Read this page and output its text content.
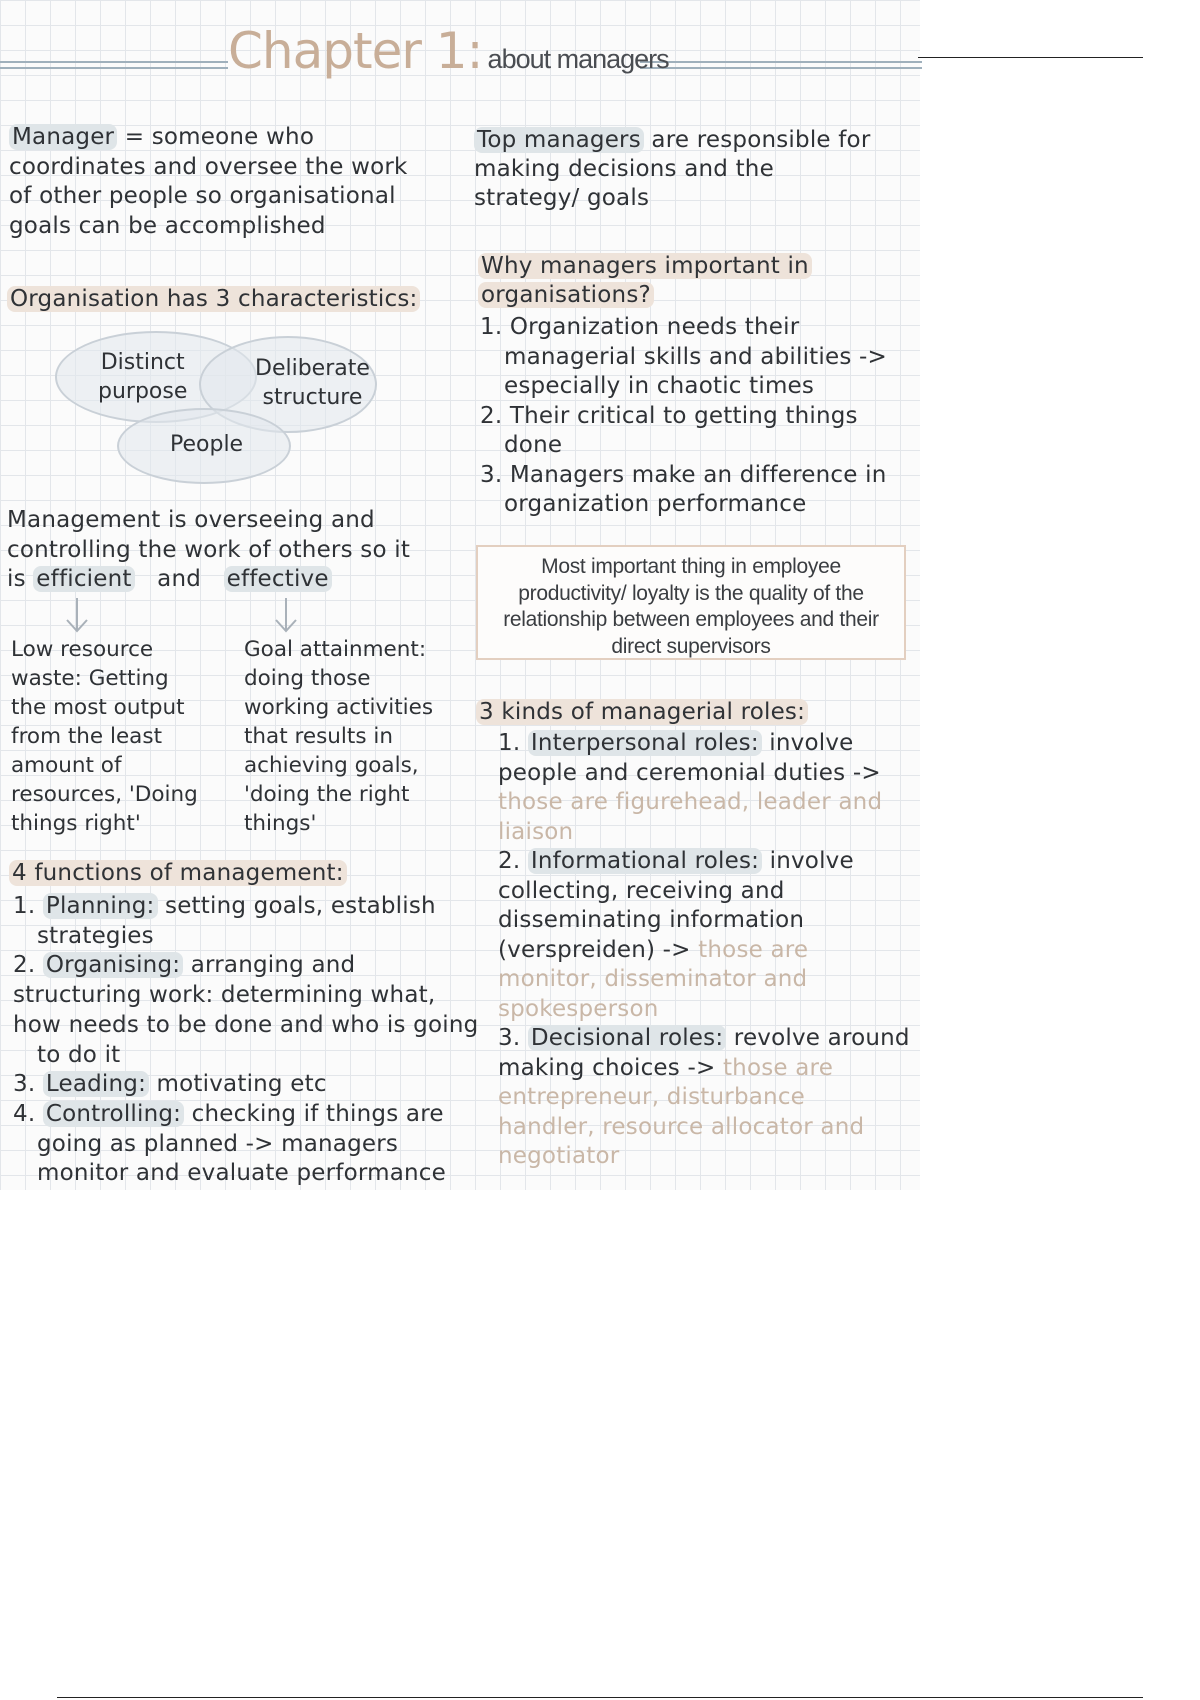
Chapter 1: about managers
Manager = someone who
coordinates and oversee the work
of other people so organisational
goals can be accomplished
Organisation has 3 characteristics:
Distinct
purpose
Deliberate
structure
People
Management is overseeing and
controlling the work of others so it
is efficient and effective
Low resource
waste: Getting
the most output
from the least
amount of
resources, 'Doing
things right'
Goal attainment:
doing those
working activities
that results in
achieving goals,
'doing the right
things'
4 functions of management:
1. Planning: setting goals, establish
strategies
2. Organising: arranging and
structuring work: determining what,
how needs to be done and who is going
to do it
3. Leading: motivating etc
4. Controlling: checking if things are
going as planned -> managers
monitor and evaluate performance
Top managers are responsible for
making decisions and the
strategy/ goals
Why managers important in
organisations?
1. Organization needs their
managerial skills and abilities ->
especially in chaotic times
2. Their critical to getting things
done
3. Managers make an difference in
organization performance
Most important thing in employee
productivity/ loyalty is the quality of the
relationship between employees and their
direct supervisors
3 kinds of managerial roles:
1. Interpersonal roles: involve
people and ceremonial duties ->
those are figurehead, leader and
liaison
2. Informational roles: involve
collecting, receiving and
disseminating information
(verspreiden) -> those are
monitor, disseminator and
spokesperson
3. Decisional roles: revolve around
making choices -> those are
entrepreneur, disturbance
handler, resource allocator and
negotiator
